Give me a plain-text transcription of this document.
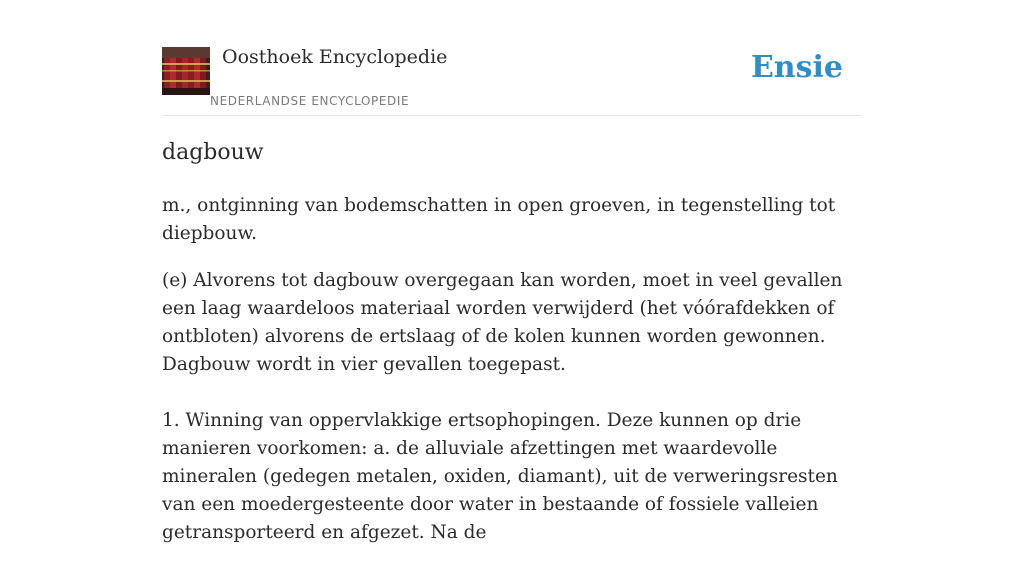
Oosthoek Encyclopedie
NEDERLANDSE ENCYCLOPEDIE
Ensie
dagbouw

m., ontginning van bodemschatten in open groeven, in tegenstelling tot diepbouw.

(e) Alvorens tot dagbouw overgegaan kan worden, moet in veel gevallen een laag waardeloos materiaal worden verwijderd (het vóórafdekken of ontbloten) alvorens de ertslaag of de kolen kunnen worden gewonnen. Dagbouw wordt in vier gevallen toegepast.

1. Winning van oppervlakkige ertsophopingen. Deze kunnen op drie manieren voorkomen: a. de alluviale afzettingen met waardevolle mineralen (gedegen metalen, oxiden, diamant), uit de verweringsresten van een moedergesteente door water in bestaande of fossiele valleien getransporteerd en afgezet. Na de
